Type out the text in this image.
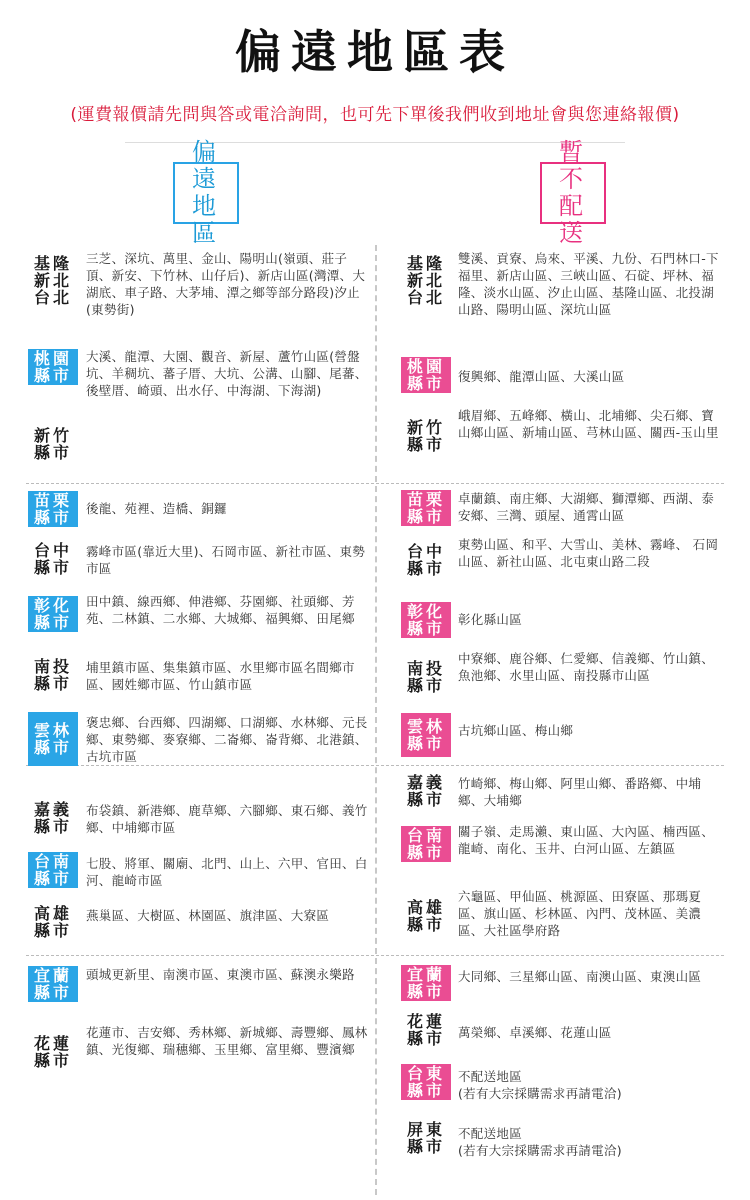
偏遠地區表
(運費報價請先問與答或電洽詢問，也可先下單後我們收到地址會與您連絡報價)
偏遠地區
暫不配送
基隆新北台北
三芝、深坑、萬里、金山、陽明山(嶺頭、莊子頂、新安、下竹林、山仔后)、新店山區(灣潭、大湖底、車子路、大茅埔、潭之鄉等部分路段)汐止(東勢街)
桃園縣市
大溪、龍潭、大園、觀音、新屋、蘆竹山區(營盤坑、羊稠坑、蕃子厝、大坑、公溝、山腳、尾蕃、後壁厝、崎頭、出水仔、中海湖、下海湖)
新竹縣市
苗栗縣市 後龍、苑裡、造橋、銅鑼
台中縣市
霧峰市區(靠近大里)、石岡市區、新社市區、東勢市區
彰化縣市
田中鎮、線西鄉、伸港鄉、芬園鄉、社頭鄉、芳苑、二林鎮、二水鄉、大城鄉、福興鄉、田尾鄉
南投縣市
埔里鎮市區、集集鎮市區、水里鄉市區名間鄉市區、國姓鄉市區、竹山鎮市區
雲林縣市
褒忠鄉、台西鄉、四湖鄉、口湖鄉、水林鄉、元長鄉、東勢鄉、麥寮鄉、二崙鄉、崙背鄉、北港鎮、古坑市區
嘉義縣市
布袋鎮、新港鄉、鹿草鄉、六腳鄉、東石鄉、義竹鄉、中埔鄉市區
台南縣市
七股、將軍、關廟、北門、山上、六甲、官田、白河、龍崎市區
高雄縣市
燕巢區、大樹區、林園區、旗津區、大寮區
宜蘭縣市
頭城更新里、南澳市區、東澳市區、蘇澳永樂路
花蓮縣市
花蓮市、吉安鄉、秀林鄉、新城鄉、壽豐鄉、鳳林鎮、光復鄉、瑞穗鄉、玉里鄉、富里鄉、豐濱鄉
基隆新北台北
雙溪、貢寮、烏來、平溪、九份、石門林口-下福里、新店山區、三峽山區、石碇、坪林、福隆、淡水山區、汐止山區、基隆山區、北投湖山路、陽明山區、深坑山區
桃園縣市 復興鄉、龍潭山區、大溪山區
新竹縣市
峨眉鄉、五峰鄉、橫山、北埔鄉、尖石鄉、寶山鄉山區、新埔山區、芎林山區、關西-玉山里
苗栗縣市
卓蘭鎮、南庄鄉、大湖鄉、獅潭鄉、西湖、泰安鄉、三灣、頭屋、通霄山區
台中縣市
東勢山區、和平、大雪山、美林、霧峰、 石岡山區、新社山區、北屯東山路二段
彰化縣市 彰化縣山區
南投縣市
中寮鄉、鹿谷鄉、仁愛鄉、信義鄉、竹山鎮、魚池鄉、水里山區、南投縣市山區
雲林縣市
古坑鄉山區、梅山鄉
嘉義縣市
竹崎鄉、梅山鄉、阿里山鄉、番路鄉、中埔鄉、大埔鄉
台南縣市
關子嶺、走馬瀨、東山區、大內區、楠西區、龍崎、南化、玉井、白河山區、左鎮區
高雄縣市
六龜區、甲仙區、桃源區、田寮區、那瑪夏區、旗山區、杉林區、內門、茂林區、美濃區、大社區學府路
宜蘭縣市
大同鄉、三星鄉山區、南澳山區、東澳山區
花蓮縣市 萬榮鄉、卓溪鄉、花蓮山區
台東縣市
不配送地區
(若有大宗採購需求再請電洽)
屏東縣市
不配送地區
(若有大宗採購需求再請電洽)
